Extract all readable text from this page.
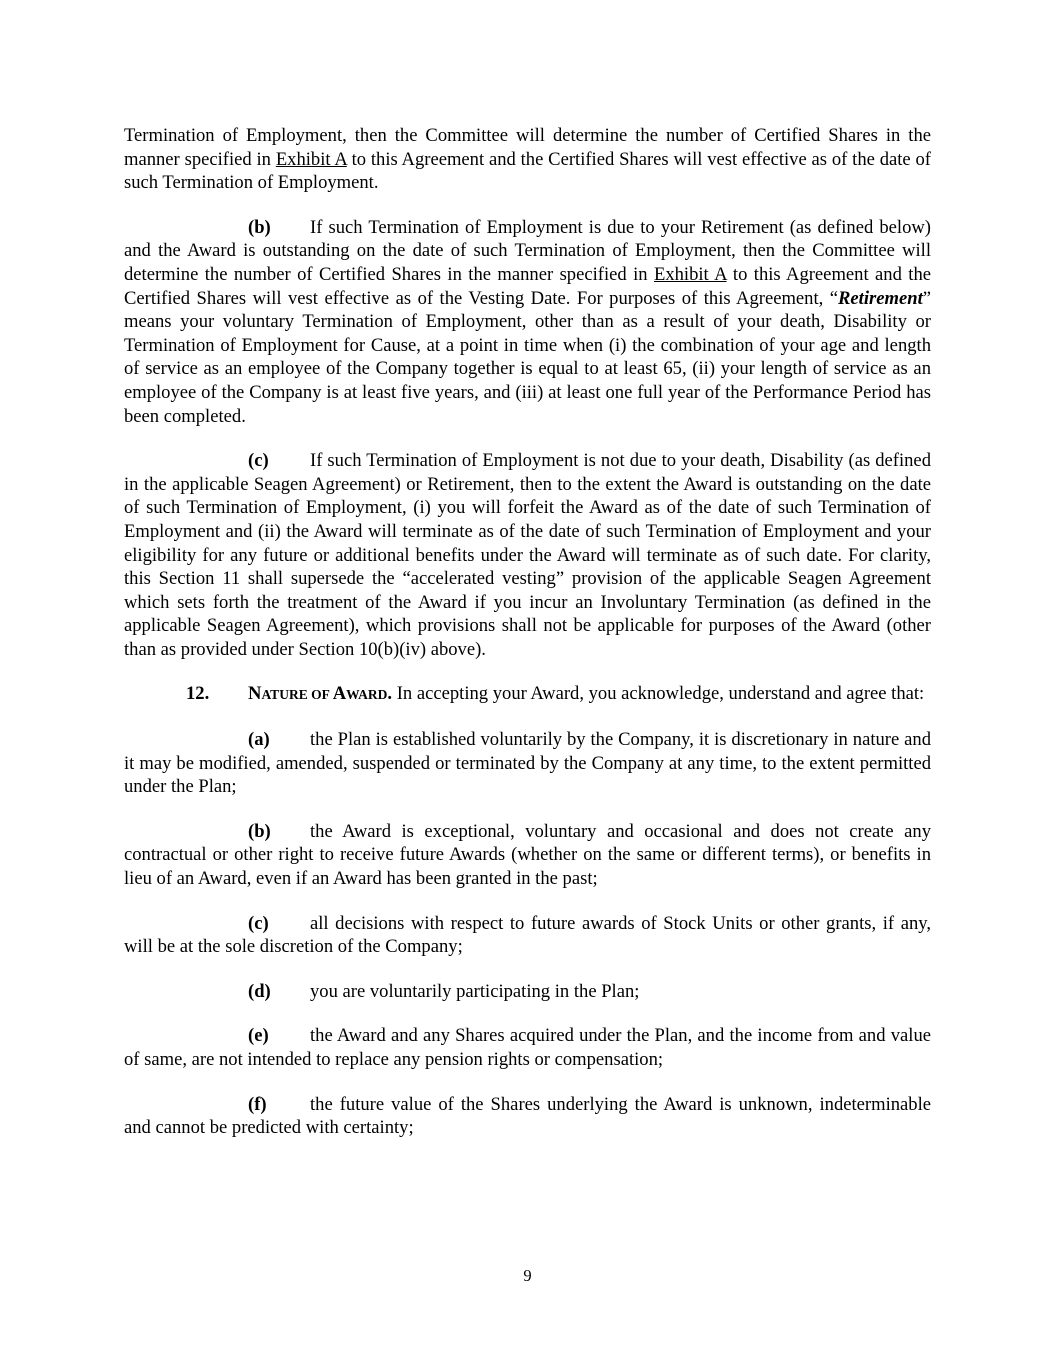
Termination of Employment, then the Committee will determine the number of Certified Shares in the manner specified in Exhibit A to this Agreement and the Certified Shares will vest effective as of the date of such Termination of Employment.

(b) If such Termination of Employment is due to your Retirement (as defined below) and the Award is outstanding on the date of such Termination of Employment, then the Committee will determine the number of Certified Shares in the manner specified in Exhibit A to this Agreement and the Certified Shares will vest effective as of the Vesting Date. For purposes of this Agreement, “Retirement” means your voluntary Termination of Employment, other than as a result of your death, Disability or Termination of Employment for Cause, at a point in time when (i) the combination of your age and length of service as an employee of the Company together is equal to at least 65, (ii) your length of service as an employee of the Company is at least five years, and (iii) at least one full year of the Performance Period has been completed.

(c) If such Termination of Employment is not due to your death, Disability (as defined in the applicable Seagen Agreement) or Retirement, then to the extent the Award is outstanding on the date of such Termination of Employment, (i) you will forfeit the Award as of the date of such Termination of Employment and (ii) the Award will terminate as of the date of such Termination of Employment and your eligibility for any future or additional benefits under the Award will terminate as of such date. For clarity, this Section 11 shall supersede the “accelerated vesting” provision of the applicable Seagen Agreement which sets forth the treatment of the Award if you incur an Involuntary Termination (as defined in the applicable Seagen Agreement), which provisions shall not be applicable for purposes of the Award (other than as provided under Section 10(b)(iv) above).

12. NATURE OF AWARD. In accepting your Award, you acknowledge, understand and agree that:

(a) the Plan is established voluntarily by the Company, it is discretionary in nature and it may be modified, amended, suspended or terminated by the Company at any time, to the extent permitted under the Plan;

(b) the Award is exceptional, voluntary and occasional and does not create any contractual or other right to receive future Awards (whether on the same or different terms), or benefits in lieu of an Award, even if an Award has been granted in the past;

(c) all decisions with respect to future awards of Stock Units or other grants, if any, will be at the sole discretion of the Company;

(d) you are voluntarily participating in the Plan;

(e) the Award and any Shares acquired under the Plan, and the income from and value of same, are not intended to replace any pension rights or compensation;

(f) the future value of the Shares underlying the Award is unknown, indeterminable and cannot be predicted with certainty;

9
